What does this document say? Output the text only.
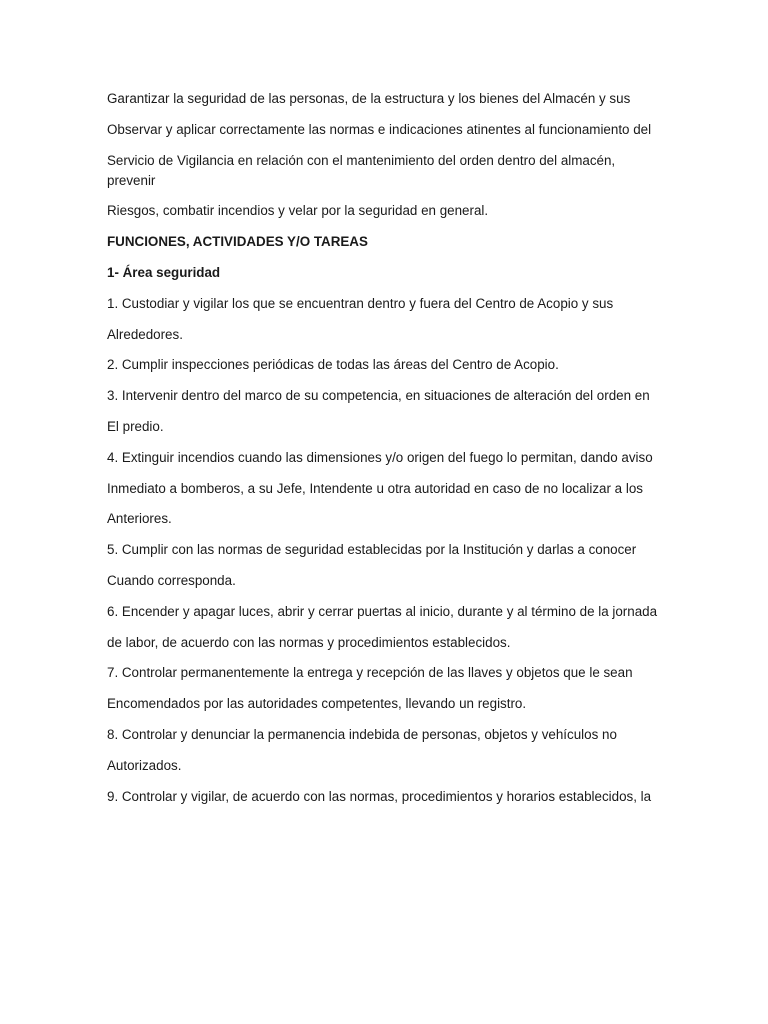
Garantizar la seguridad de las personas, de la estructura y los bienes del Almacén y sus

Observar y aplicar correctamente las normas e indicaciones atinentes al funcionamiento del

Servicio de Vigilancia en relación con el mantenimiento del orden dentro del almacén, prevenir

Riesgos, combatir incendios y velar por la seguridad en general.

FUNCIONES, ACTIVIDADES Y/O TAREAS

1- Área seguridad

1. Custodiar y vigilar los que se encuentran dentro y fuera del Centro de Acopio y sus

Alrededores.

2. Cumplir inspecciones periódicas de todas las áreas del Centro de Acopio.

3. Intervenir dentro del marco de su competencia, en situaciones de alteración del orden en

El predio.

4. Extinguir incendios cuando las dimensiones y/o origen del fuego lo permitan, dando aviso

Inmediato a bomberos, a su Jefe, Intendente u otra autoridad en caso de no localizar a los

Anteriores.

5. Cumplir con las normas de seguridad establecidas por la Institución y darlas a conocer

Cuando corresponda.

6. Encender y apagar luces, abrir y cerrar puertas al inicio, durante y al término de la jornada

de labor, de acuerdo con las normas y procedimientos establecidos.

7. Controlar permanentemente la entrega y recepción de las llaves y objetos que le sean

Encomendados por las autoridades competentes, llevando un registro.

8. Controlar y denunciar la permanencia indebida de personas, objetos y vehículos no

Autorizados.

9. Controlar y vigilar, de acuerdo con las normas, procedimientos y horarios establecidos, la
